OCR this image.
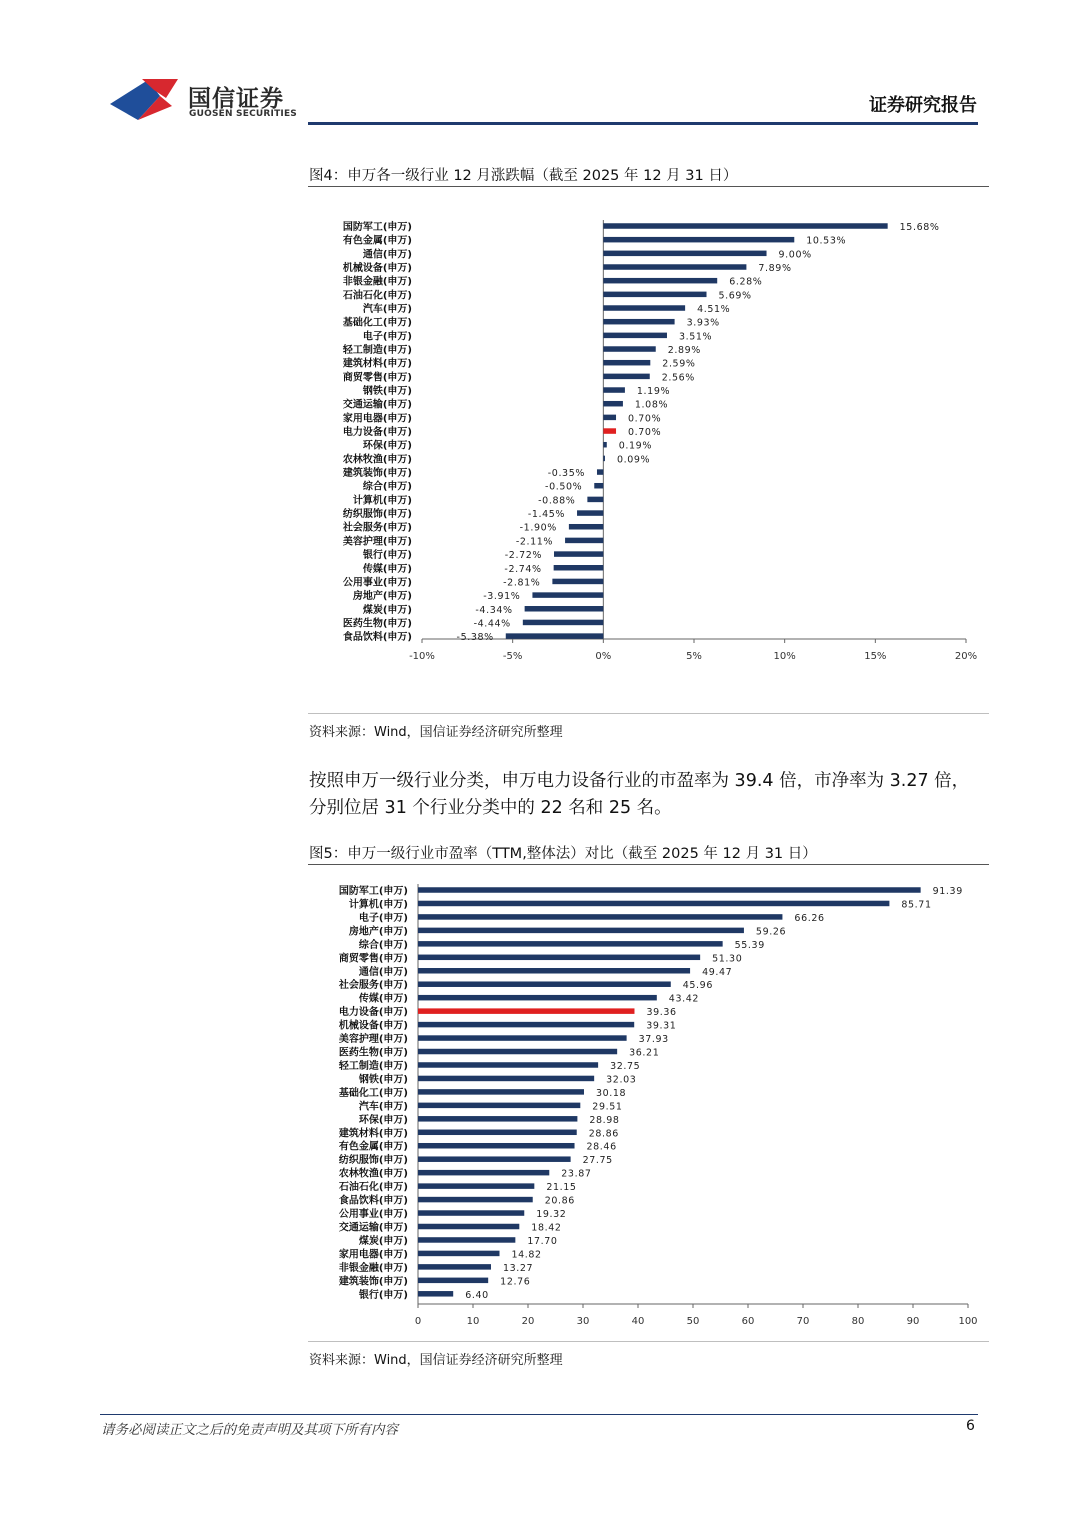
国信证券
GUOSEN SECURITIES	证券研究报告
图4：申万各一级行业 12 月涨跌幅（截至 2025 年 12 月 31 日）
-10%	-5%	0%	5%	10%	15%	20%
国防军工(申万)	15.68%
有色金属(申万)	10.53%
通信(申万)	9.00%
机械设备(申万)	7.89%
非银金融(申万)	6.28%
石油石化(申万)	5.69%
汽车(申万)	4.51%
基础化工(申万)	3.93%
电子(申万)	3.51%
轻工制造(申万)	2.89%
建筑材料(申万)	2.59%
商贸零售(申万)	2.56%
钢铁(申万)	1.19%
交通运输(申万)	1.08%
家用电器(申万)	0.70%
电力设备(申万)	0.70%
环保(申万)	0.19%
农林牧渔(申万)	0.09%
建筑装饰(申万)	-0.35%
综合(申万)	-0.50%
计算机(申万)	-0.88%
纺织服饰(申万)	-1.45%
社会服务(申万)	-1.90%
美容护理(申万)	-2.11%
银行(申万)	-2.72%
传媒(申万)	-2.74%
公用事业(申万)	-2.81%
房地产(申万)	-3.91%
煤炭(申万)	-4.34%
医药生物(申万)	-4.44%
食品饮料(申万)	-5.38%
资料来源：Wind，国信证券经济研究所整理
按照申万一级行业分类，申万电力设备行业的市盈率为 39.4 倍，市净率为 3.27 倍，分别位居 31 个行业分类中的 22 名和 25 名。
图5：申万一级行业市盈率（TTM,整体法）对比（截至 2025 年 12 月 31 日）
0	10	20	30	40	50	60	70	80	90	100
国防军工(申万)	91.39
计算机(申万)	85.71
电子(申万)	66.26
房地产(申万)	59.26
综合(申万)	55.39
商贸零售(申万)	51.30
通信(申万)	49.47
社会服务(申万)	45.96
传媒(申万)	43.42
电力设备(申万)	39.36
机械设备(申万)	39.31
美容护理(申万)	37.93
医药生物(申万)	36.21
轻工制造(申万)	32.75
钢铁(申万)	32.03
基础化工(申万)	30.18
汽车(申万)	29.51
环保(申万)	28.98
建筑材料(申万)	28.86
有色金属(申万)	28.46
纺织服饰(申万)	27.75
农林牧渔(申万)	23.87
石油石化(申万)	21.15
食品饮料(申万)	20.86
公用事业(申万)	19.32
交通运输(申万)	18.42
煤炭(申万)	17.70
家用电器(申万)	14.82
非银金融(申万)	13.27
建筑装饰(申万)	12.76
银行(申万)	6.40
资料来源：Wind，国信证券经济研究所整理
请务必阅读正文之后的免责声明及其项下所有内容	6
